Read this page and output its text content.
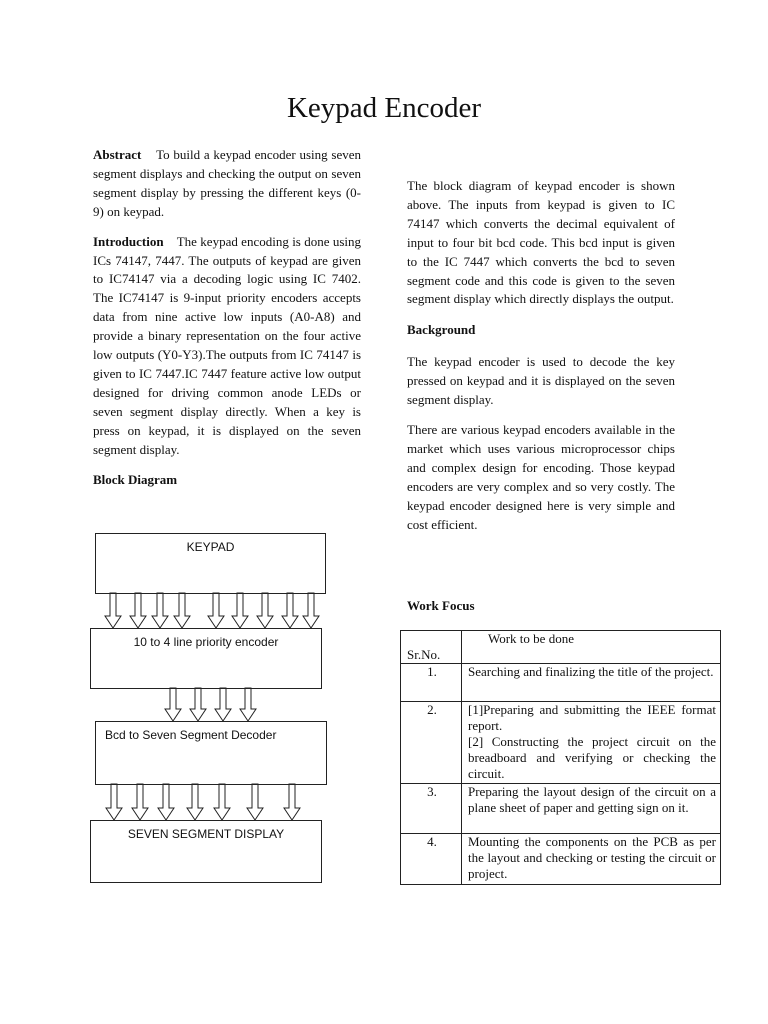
Keypad Encoder

Abstract To build a keypad encoder using seven segment displays and checking the output on seven segment display by pressing the different keys (0-9) on keypad.

Introduction The keypad encoding is done using ICs 74147, 7447. The outputs of keypad are given to IC74147 via a decoding logic using IC 7402. The IC74147 is 9-input priority encoders accepts data from nine active low inputs (A0-A8) and provide a binary representation on the four active low outputs (Y0-Y3).The outputs from IC 74147 is given to IC 7447.IC 7447 feature active low output designed for driving common anode LEDs or seven segment display directly. When a key is press on keypad, it is displayed on the seven segment display.

Block Diagram

KEYPAD
10 to 4 line priority encoder
Bcd to Seven Segment Decoder
SEVEN SEGMENT DISPLAY

The block diagram of keypad encoder is shown above. The inputs from keypad is given to IC 74147 which converts the decimal equivalent of input to four bit bcd code. This bcd input is given to the IC 7447 which converts the bcd to seven segment code and this code is given to the seven segment display which directly displays the output.

Background

The keypad encoder is used to decode the key pressed on keypad and it is displayed on the seven segment display.

There are various keypad encoders available in the market which uses various microprocessor chips and complex design for encoding. Those keypad encoders are very complex and so very costly. The keypad encoder designed here is very simple and cost efficient.

Work Focus
Sr.No.	Work to be done
1.	Searching and finalizing the title of the project.
2.	[1]Preparing and submitting the IEEE format report.
[2] Constructing the project circuit on the breadboard and verifying or checking the circuit.

3.	Preparing the layout design of the circuit on a plane sheet of paper and getting sign on it.
4.	Mounting the components on the PCB as per the layout and checking or testing the circuit or project.
